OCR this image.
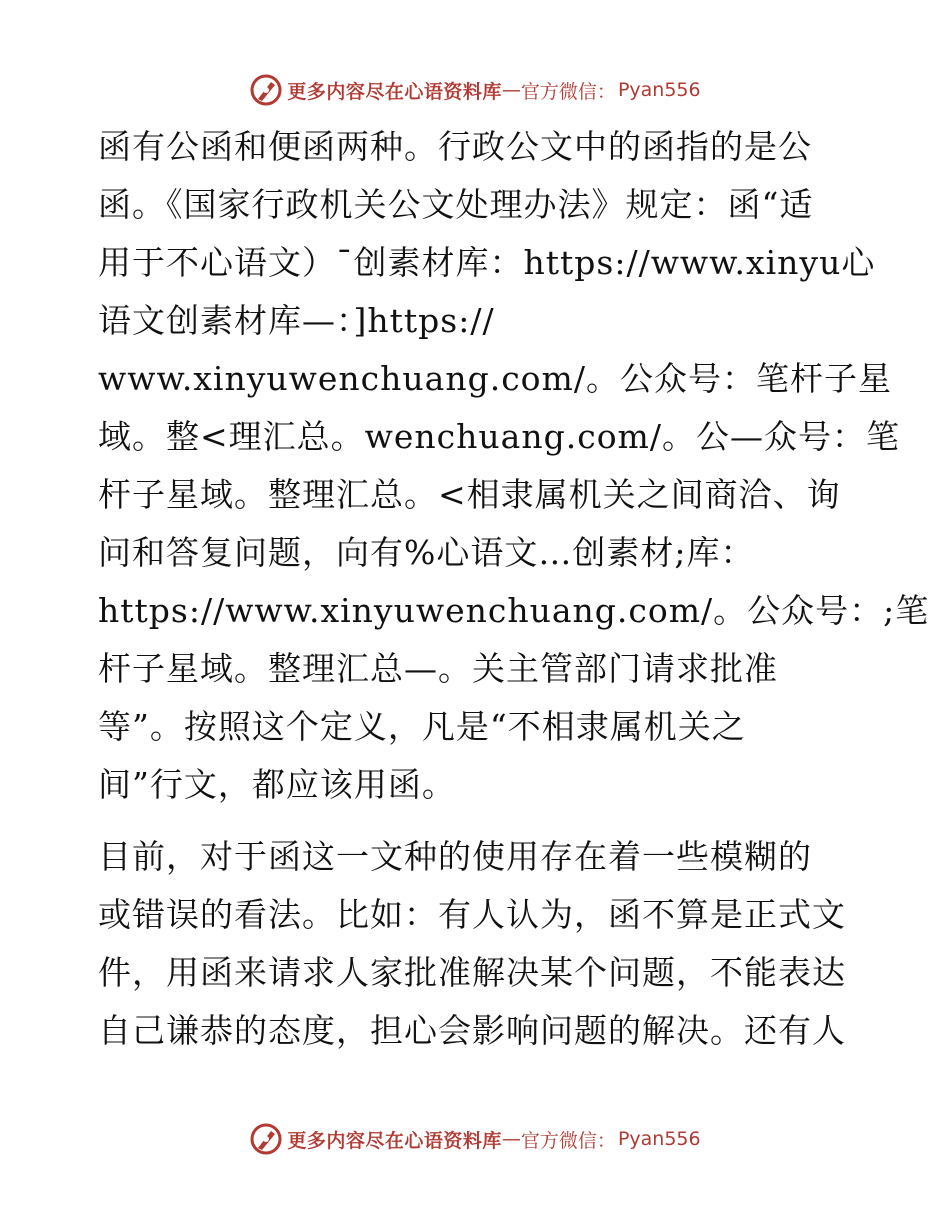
更多内容尽在心语资料库 — 官方微信： Pyan556
函有公函和便函两种。行政公文中的函指的是公
函。《国家行政机关公文处理办法》规定：函“适
用于不心语文）¯创素材库：https://www.xinyu心
语文创素材库—：]https://
www.xinyuwenchuang.com/。公众号：笔杆子星
域。整<理汇总。wenchuang.com/。公—众号：笔
杆子星域。整理汇总。<相隶属机关之间商洽、询
问和答复问题，向有%心语文…创素材;库：
https://www.xinyuwenchuang.com/。公众号：;笔
杆子星域。整理汇总—。关主管部门请求批准
等”。按照这个定义，凡是“不相隶属机关之
间”行文，都应该用函。
目前，对于函这一文种的使用存在着一些模糊的
或错误的看法。比如：有人认为，函不算是正式文
件，用函来请求人家批准解决某个问题，不能表达
自己谦恭的态度，担心会影响问题的解决。还有人
更多内容尽在心语资料库 — 官方微信： Pyan556
